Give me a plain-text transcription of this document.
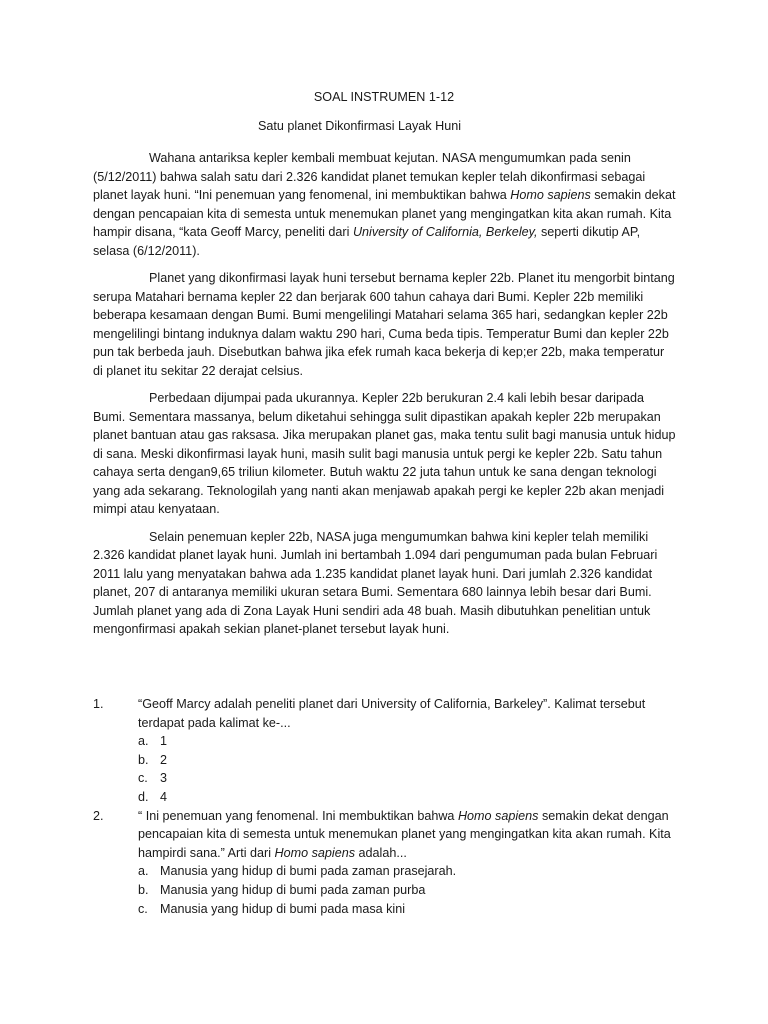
SOAL INSTRUMEN 1-12
Satu planet Dikonfirmasi Layak Huni

Wahana antariksa kepler kembali membuat kejutan. NASA mengumumkan pada senin (5/12/2011) bahwa salah satu dari 2.326 kandidat planet temukan kepler telah dikonfirmasi sebagai planet layak huni. “Ini penemuan yang fenomenal, ini membuktikan bahwa Homo sapiens semakin dekat dengan pencapaian kita di semesta untuk menemukan planet yang mengingatkan kita akan rumah. Kita hampir disana, “kata Geoff Marcy, peneliti dari University of California, Berkeley, seperti dikutip AP, selasa (6/12/2011).

Planet yang dikonfirmasi layak huni tersebut bernama kepler 22b. Planet itu mengorbit bintang serupa Matahari bernama kepler 22 dan berjarak 600 tahun cahaya dari Bumi. Kepler 22b memiliki beberapa kesamaan dengan Bumi. Bumi mengelilingi Matahari selama 365 hari, sedangkan kepler 22b mengelilingi bintang induknya dalam waktu 290 hari, Cuma beda tipis. Temperatur Bumi dan kepler 22b pun tak berbeda jauh. Disebutkan bahwa jika efek rumah kaca bekerja di kep;er 22b, maka temperatur di planet itu sekitar 22 derajat celsius.

Perbedaan dijumpai pada ukurannya. Kepler 22b berukuran 2.4 kali lebih besar daripada Bumi. Sementara massanya, belum diketahui sehingga sulit dipastikan apakah kepler 22b merupakan planet bantuan atau gas raksasa. Jika merupakan planet gas, maka tentu sulit bagi manusia untuk hidup di sana. Meski dikonfirmasi layak huni, masih sulit bagi manusia untuk pergi ke kepler 22b. Satu tahun cahaya serta dengan9,65 triliun kilometer. Butuh waktu 22 juta tahun untuk ke sana dengan teknologi yang ada sekarang. Teknologilah yang nanti akan menjawab apakah pergi ke kepler 22b akan menjadi mimpi atau kenyataan.

Selain penemuan kepler 22b, NASA juga mengumumkan bahwa kini kepler telah memiliki 2.326 kandidat planet layak huni. Jumlah ini bertambah 1.094 dari pengumuman pada bulan Februari 2011 lalu yang menyatakan bahwa ada 1.235 kandidat planet layak huni. Dari jumlah 2.326 kandidat planet, 207 di antaranya memiliki ukuran setara Bumi. Sementara 680 lainnya lebih besar dari Bumi. Jumlah planet yang ada di Zona Layak Huni sendiri ada 48 buah. Masih dibutuhkan penelitian untuk mengonfirmasi apakah sekian planet-planet tersebut layak huni.

1.	“Geoff Marcy adalah peneliti planet dari University of California, Barkeley”. Kalimat tersebut terdapat pada kalimat ke-...
a. 1
b. 2
c. 3
d. 4
2.	“ Ini penemuan yang fenomenal. Ini membuktikan bahwa Homo sapiens semakin dekat dengan pencapaian kita di semesta untuk menemukan planet yang mengingatkan kita akan rumah. Kita hampirdi sana.” Arti dari Homo sapiens adalah...
a. Manusia yang hidup di bumi pada zaman prasejarah.
b. Manusia yang hidup di bumi pada zaman purba
c. Manusia yang hidup di bumi pada masa kini
